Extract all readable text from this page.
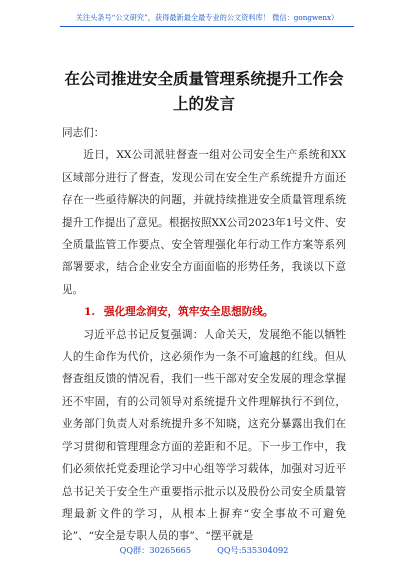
关注头条号“公文研究”，获得最新最全最专业的公文资料库！ 微信：gongwenx）
在公司推进安全质量管理系统提升工作会
上的发言

同志们：

近日，XX公司派驻督查一组对公司安全生产系统和XX区域部分进行了督查，发现公司在安全生产系统提升方面还存在一些亟待解决的问题，并就持续推进安全质量管理系统提升工作提出了意见。根据按照XX公司2023年1号文件、安全质量监管工作要点、安全管理强化年行动工作方案等系列部署要求，结合企业安全方面面临的形势任务，我谈以下意见。

1. 强化理念润安，筑牢安全思想防线。

习近平总书记反复强调：人命关天，发展绝不能以牺牲人的生命作为代价，这必须作为一条不可逾越的红线。但从督查组反馈的情况看，我们一些干部对安全发展的理念掌握还不牢固，有的公司领导对系统提升文件理解执行不到位，业务部门负责人对系统提升多不知晓，这充分暴露出我们在学习贯彻和管理理念方面的差距和不足。下一步工作中，我们必须依托党委理论学习中心组等学习载体，加强对习近平总书记关于安全生产重要指示批示以及股份公司安全质量管理最新文件的学习，从根本上摒弃“安全事故不可避免论”、“安全是专职人员的事”、“摆平就是

QQ群：30265665	QQ号:535304092
